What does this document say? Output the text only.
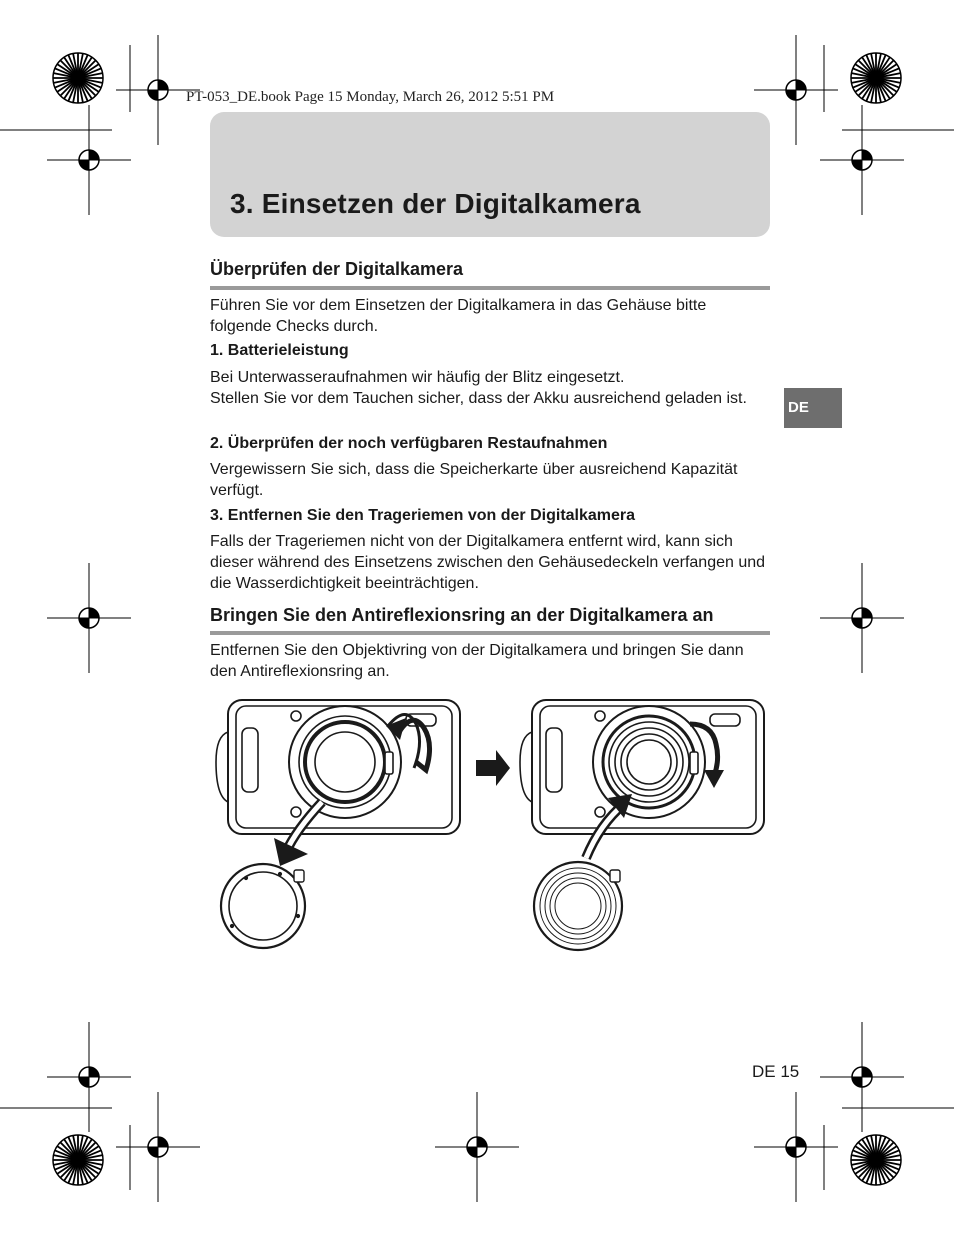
PT-053_DE.book Page 15 Monday, March 26, 2012 5:51 PM
3. Einsetzen der Digitalkamera
Überprüfen der Digitalkamera
Führen Sie vor dem Einsetzen der Digitalkamera in das Gehäuse bitte folgende Checks durch.
1. Batterieleistung
Bei Unterwasseraufnahmen wir häufig der Blitz eingesetzt.
Stellen Sie vor dem Tauchen sicher, dass der Akku ausreichend geladen ist.
2. Überprüfen der noch verfügbaren Restaufnahmen
Vergewissern Sie sich, dass die Speicherkarte über ausreichend Kapazität verfügt.
3. Entfernen Sie den Trageriemen von der Digitalkamera
Falls der Trageriemen nicht von der Digitalkamera entfernt wird, kann sich dieser während des Einsetzens zwischen den Gehäusedeckeln verfangen und die Wasserdichtigkeit beeinträchtigen.
Bringen Sie den Antireflexionsring an der Digitalkamera an
Entfernen Sie den Objektivring von der Digitalkamera und bringen Sie dann den Antireflexionsring an.
DE
DE 15
